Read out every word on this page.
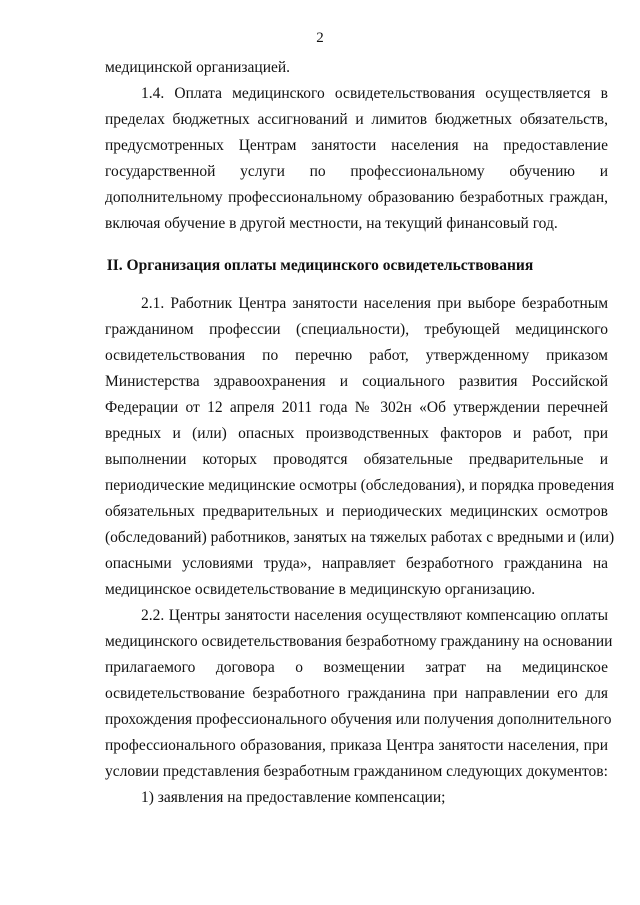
2
медицинской организацией.
1.4. Оплата медицинского освидетельствования осуществляется в
пределах бюджетных ассигнований и лимитов бюджетных обязательств,
предусмотренных Центрам занятости населения на предоставление
государственной услуги по профессиональному обучению и
дополнительному профессиональному образованию безработных граждан,
включая обучение в другой местности, на текущий финансовый год.
II. Организация оплаты медицинского освидетельствования
2.1. Работник Центра занятости населения при выборе безработным
гражданином профессии (специальности), требующей медицинского
освидетельствования по перечню работ, утвержденному приказом
Министерства здравоохранения и социального развития Российской
Федерации от 12 апреля 2011 года № 302н «Об утверждении перечней
вредных и (или) опасных производственных факторов и работ, при
выполнении которых проводятся обязательные предварительные и
периодические медицинские осмотры (обследования), и порядка проведения
обязательных предварительных и периодических медицинских осмотров
(обследований) работников, занятых на тяжелых работах с вредными и (или)
опасными условиями труда», направляет безработного гражданина на
медицинское освидетельствование в медицинскую организацию.
2.2. Центры занятости населения осуществляют компенсацию оплаты
медицинского освидетельствования безработному гражданину на основании
прилагаемого договора о возмещении затрат на медицинское
освидетельствование безработного гражданина при направлении его для
прохождения профессионального обучения или получения дополнительного
профессионального образования, приказа Центра занятости населения, при
условии представления безработным гражданином следующих документов:
1) заявления на предоставление компенсации;
